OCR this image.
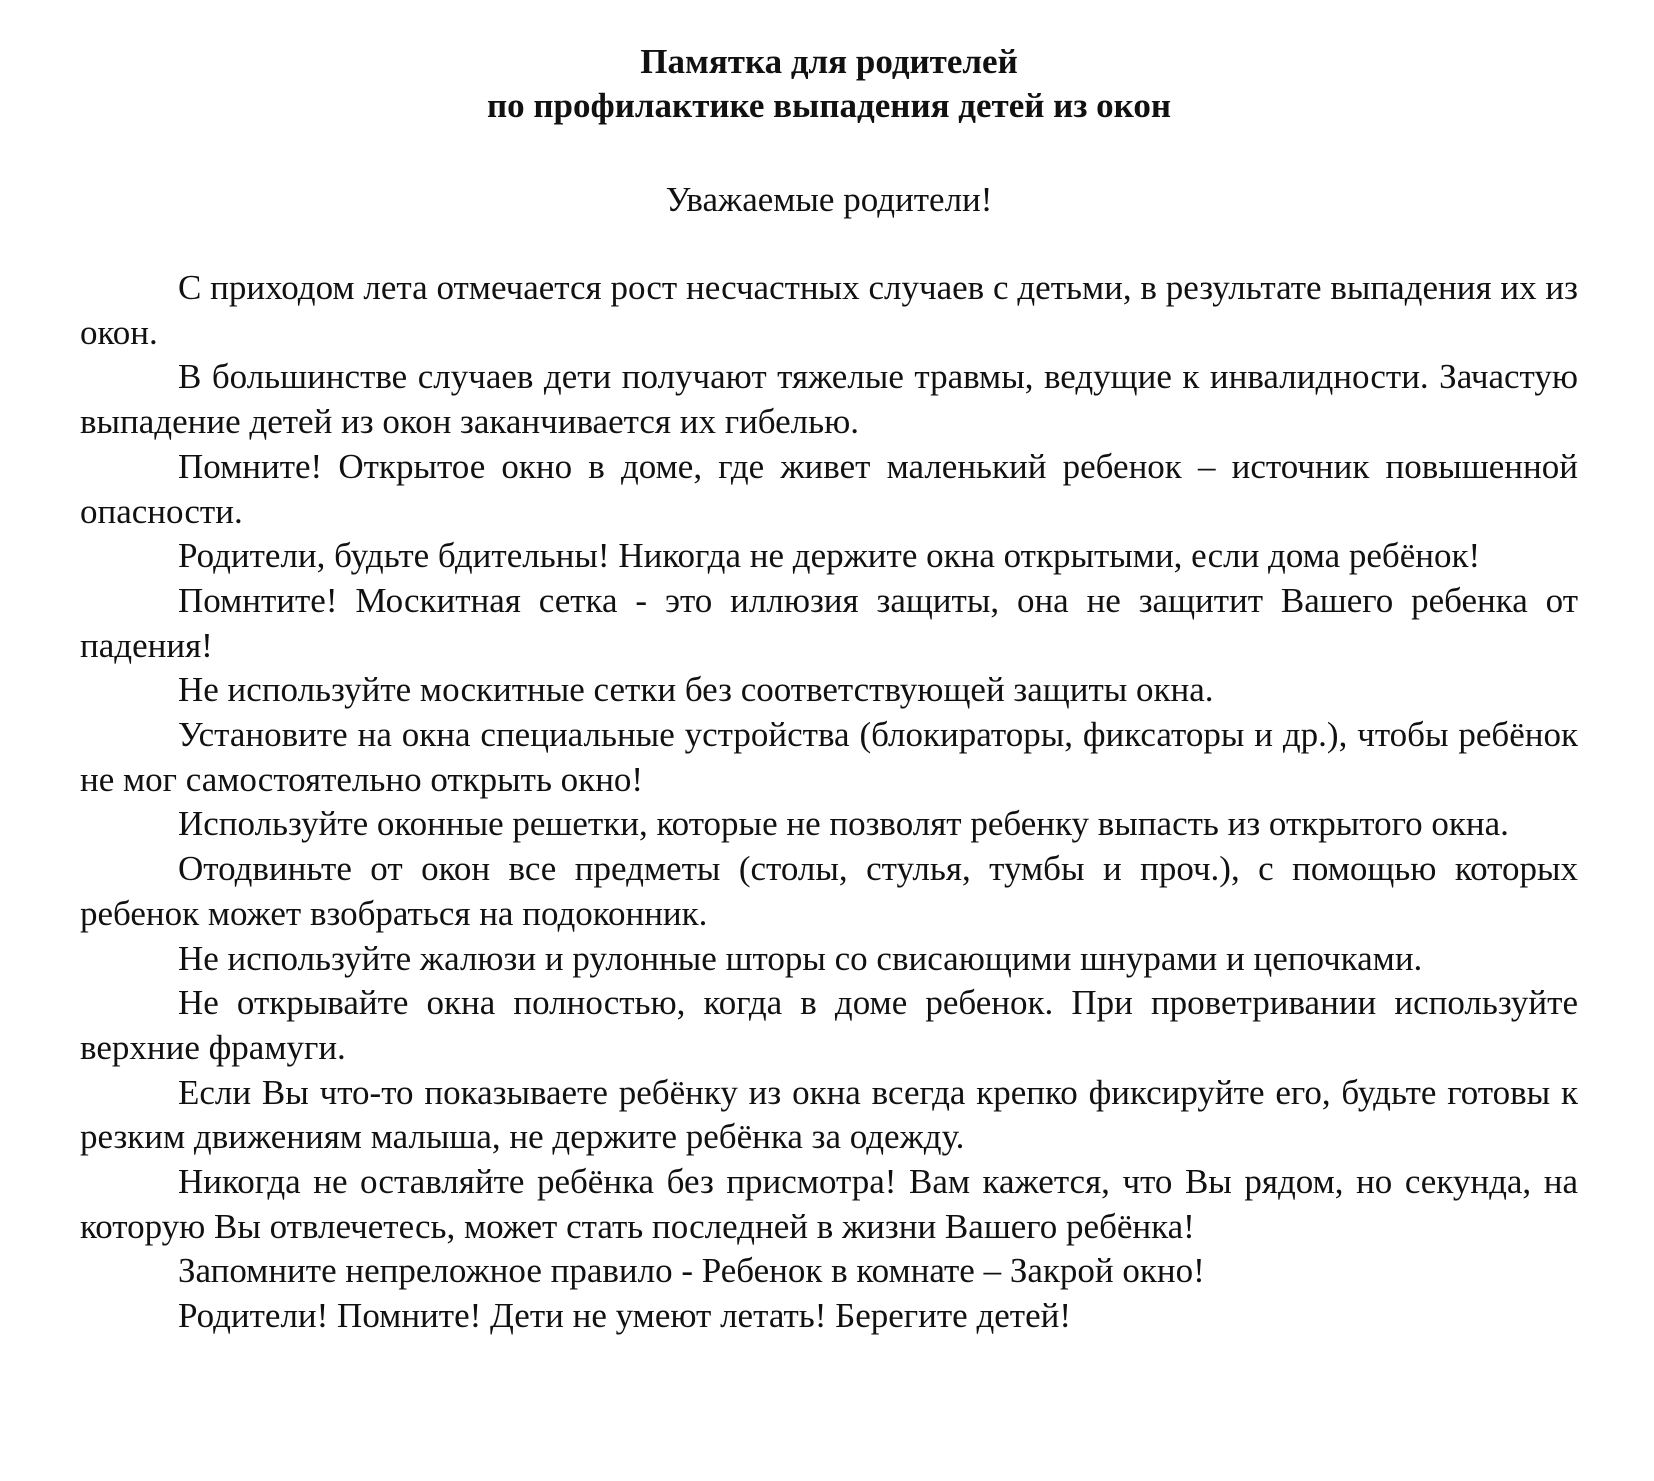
Памятка для родителей
по профилактике выпадения детей из окон

Уважаемые родители!

С приходом лета отмечается рост несчастных случаев с детьми, в результате выпадения их из окон.

В большинстве случаев дети получают тяжелые травмы, ведущие к инвалидности. Зачастую выпадение детей из окон заканчивается их гибелью.

Помните! Открытое окно в доме, где живет маленький ребенок – источник повышенной опасности.

Родители, будьте бдительны! Никогда не держите окна открытыми, если дома ребёнок!

Помнтите! Москитная сетка - это иллюзия защиты, она не защитит Вашего ребенка от падения!

Не используйте москитные сетки без соответствующей защиты окна.

Установите на окна специальные устройства (блокираторы, фиксаторы и др.), чтобы ребёнок не мог самостоятельно открыть окно!

Используйте оконные решетки, которые не позволят ребенку выпасть из открытого окна.

Отодвиньте от окон все предметы (столы, стулья, тумбы и проч.), с помощью которых ребенок может взобраться на подоконник.

Не используйте жалюзи и рулонные шторы со свисающими шнурами и цепочками.

Не открывайте окна полностью, когда в доме ребенок. При проветривании используйте верхние фрамуги.

Если Вы что-то показываете ребёнку из окна всегда крепко фиксируйте его, будьте готовы к резким движениям малыша, не держите ребёнка за одежду.

Никогда не оставляйте ребёнка без присмотра! Вам кажется, что Вы рядом, но секунда, на которую Вы отвлечетесь, может стать последней в жизни Вашего ребёнка!

Запомните непреложное правило - Ребенок в комнате – Закрой окно!

Родители! Помните! Дети не умеют летать! Берегите детей!
